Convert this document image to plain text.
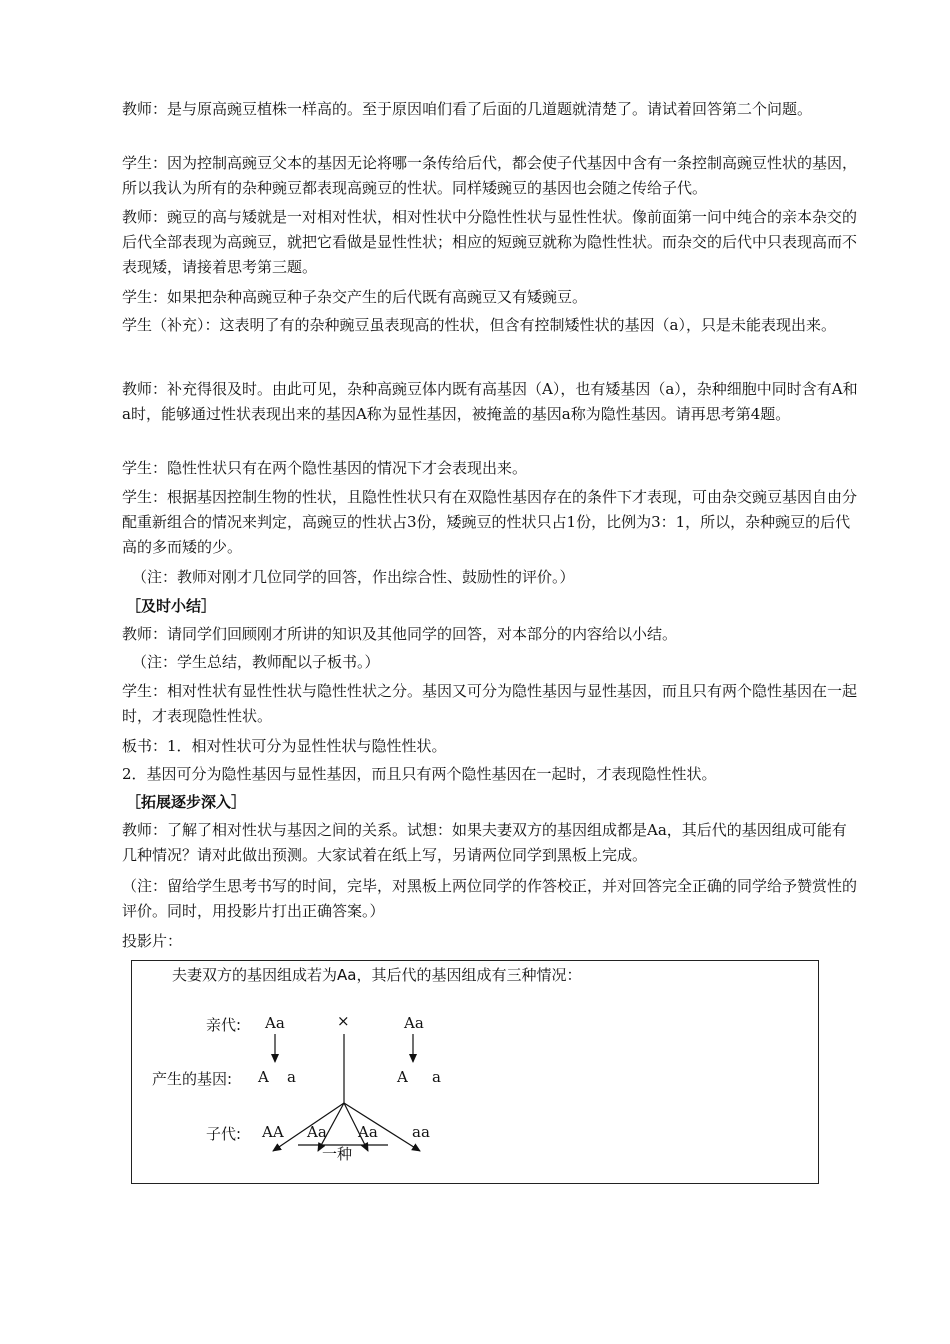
教师：是与原高豌豆植株一样高的。至于原因咱们看了后面的几道题就清楚了。请试着回答第二个问题。
学生：因为控制高豌豆父本的基因无论将哪一条传给后代，都会使子代基因中含有一条控制高豌豆性状的基因，所以我认为所有的杂种豌豆都表现高豌豆的性状。同样矮豌豆的基因也会随之传给子代。
教师：豌豆的高与矮就是一对相对性状，相对性状中分隐性性状与显性性状。像前面第一问中纯合的亲本杂交的后代全部表现为高豌豆，就把它看做是显性性状；相应的短豌豆就称为隐性性状。而杂交的后代中只表现高而不表现矮，请接着思考第三题。
学生：如果把杂种高豌豆种子杂交产生的后代既有高豌豆又有矮豌豆。
学生（补充）：这表明了有的杂种豌豆虽表现高的性状，但含有控制矮性状的基因（a），只是未能表现出来。
教师：补充得很及时。由此可见，杂种高豌豆体内既有高基因（A），也有矮基因（a），杂种细胞中同时含有A和a时，能够通过性状表现出来的基因A称为显性基因，被掩盖的基因a称为隐性基因。请再思考第4题。
学生：隐性性状只有在两个隐性基因的情况下才会表现出来。
学生：根据基因控制生物的性状，且隐性性状只有在双隐性基因存在的条件下才表现，可由杂交豌豆基因自由分配重新组合的情况来判定，高豌豆的性状占3份，矮豌豆的性状只占1份，比例为3：1，所以，杂种豌豆的后代高的多而矮的少。
（注：教师对刚才几位同学的回答，作出综合性、鼓励性的评价。）
［及时小结］
教师：请同学们回顾刚才所讲的知识及其他同学的回答，对本部分的内容给以小结。
（注：学生总结，教师配以子板书。）
学生：相对性状有显性性状与隐性性状之分。基因又可分为隐性基因与显性基因，而且只有两个隐性基因在一起时，才表现隐性性状。
板书：1．相对性状可分为显性性状与隐性性状。
2．基因可分为隐性基因与显性基因，而且只有两个隐性基因在一起时，才表现隐性性状。
［拓展逐步深入］
教师：了解了相对性状与基因之间的关系。试想：如果夫妻双方的基因组成都是Aa，其后代的基因组成可能有几种情况？请对此做出预测。大家试着在纸上写，另请两位同学到黑板上完成。
（注：留给学生思考书写的时间，完毕，对黑板上两位同学的作答校正，并对回答完全正确的同学给予赞赏性的评价。同时，用投影片打出正确答案。）
投影片：
夫妻双方的基因组成若为Aa，其后代的基因组成有三种情况：
亲代: Aa	×	Aa
产生的基因: A a	A a
子代: AA Aa Aa aa
一种
